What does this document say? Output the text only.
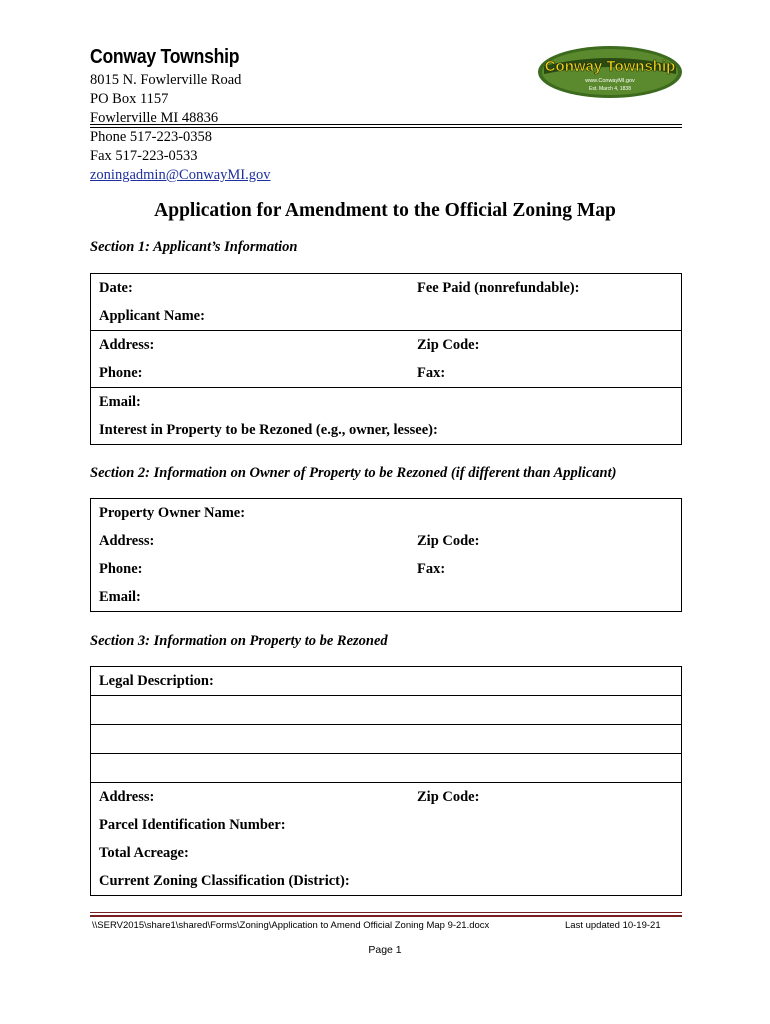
Conway Township
8015 N. Fowlerville Road
PO Box 1157
Fowlerville MI 48836
Phone 517-223-0358
Fax 517-223-0533
zoningadmin@ConwayMI.gov
Conway Township
www.ConwayMI.gov
Est. March 4, 1838
Application for Amendment to the Official Zoning Map
Section 1: Applicant’s Information
Date:	Fee Paid (nonrefundable):
Applicant Name:	
Address:	Zip Code:
Phone:	Fax:
Email:	
Interest in Property to be Rezoned (e.g., owner, lessee):	
Section 2: Information on Owner of Property to be Rezoned (if different than Applicant)
Property Owner Name:	
Address:	Zip Code:
Phone:	Fax:
Email:	
Section 3: Information on Property to be Rezoned
Legal Description:

Address:	Zip Code:
Parcel Identification Number:
Total Acreage:
Current Zoning Classification (District):
\\SERV2015\share1\shared\Forms\Zoning\Application to Amend Official Zoning Map 9-21.docx	Last updated 10-19-21
Page 1
